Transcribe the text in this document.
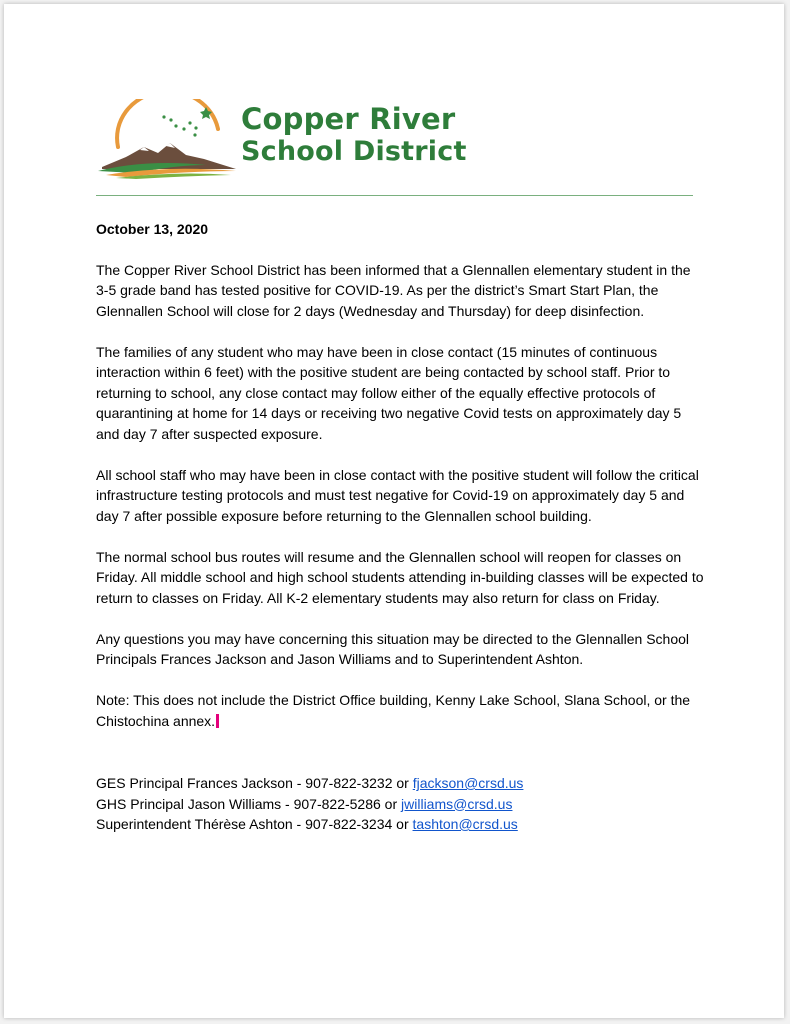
Copper River
School District
October 13, 2020

The Copper River School District has been informed that a Glennallen elementary student in the 3-5 grade band has tested positive for COVID-19. As per the district’s Smart Start Plan, the Glennallen School will close for 2 days (Wednesday and Thursday) for deep disinfection.

The families of any student who may have been in close contact (15 minutes of continuous interaction within 6 feet) with the positive student are being contacted by school staff. Prior to returning to school, any close contact may follow either of the equally effective protocols of quarantining at home for 14 days or receiving two negative Covid tests on approximately day 5 and day 7 after suspected exposure.

All school staff who may have been in close contact with the positive student will follow the critical infrastructure testing protocols and must test negative for Covid-19 on approximately day 5 and day 7 after possible exposure before returning to the Glennallen school building.

The normal school bus routes will resume and the Glennallen school will reopen for classes on Friday. All middle school and high school students attending in-building classes will be expected to return to classes on Friday. All K-2 elementary students may also return for class on Friday.

Any questions you may have concerning this situation may be directed to the Glennallen School Principals Frances Jackson and Jason Williams and to Superintendent Ashton.

Note: This does not include the District Office building, Kenny Lake School, Slana School, or the Chistochina annex.

GES Principal Frances Jackson - 907-822-3232 or fjackson@crsd.us
GHS Principal Jason Williams - 907-822-5286 or jwilliams@crsd.us
Superintendent Thérèse Ashton - 907-822-3234 or tashton@crsd.us
